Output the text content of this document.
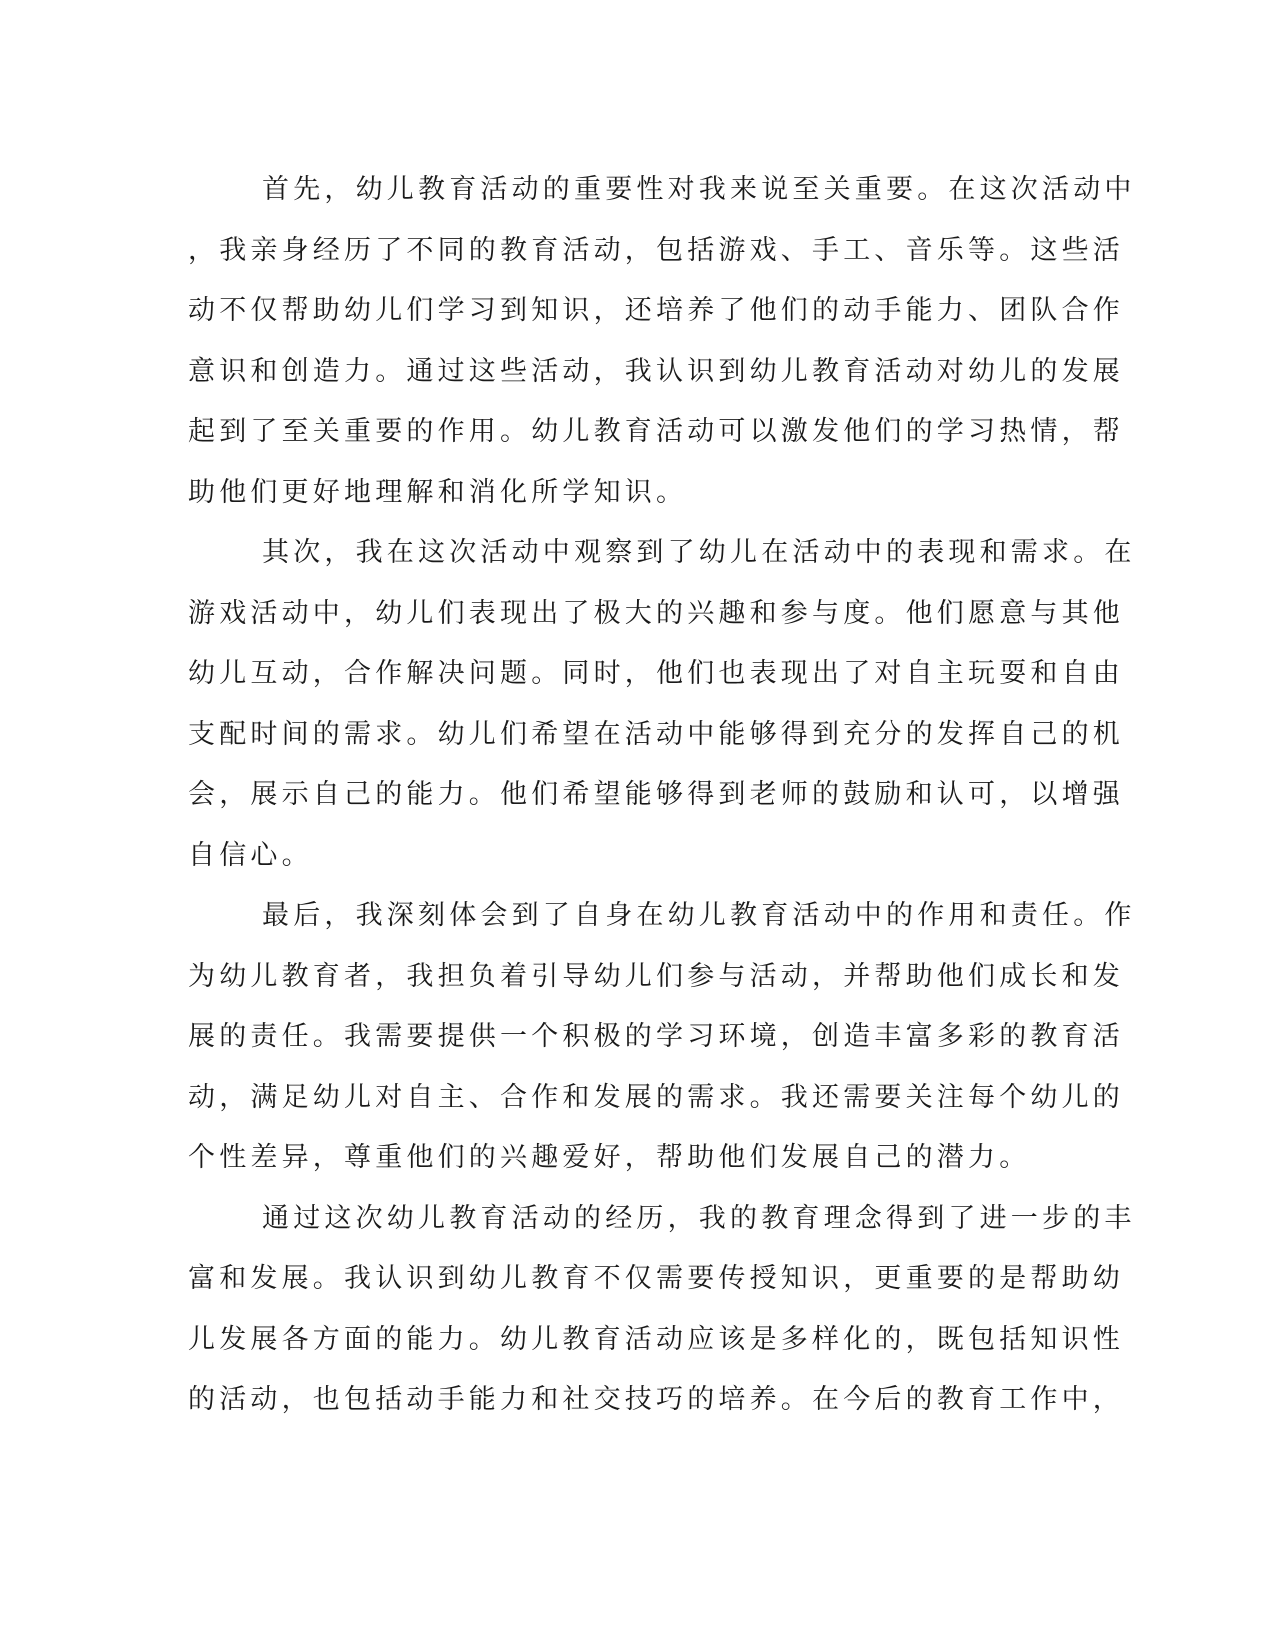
首先，幼儿教育活动的重要性对我来说至关重要。在这次活动中
，我亲身经历了不同的教育活动，包括游戏、手工、音乐等。这些活
动不仅帮助幼儿们学习到知识，还培养了他们的动手能力、团队合作
意识和创造力。通过这些活动，我认识到幼儿教育活动对幼儿的发展
起到了至关重要的作用。幼儿教育活动可以激发他们的学习热情，帮
助他们更好地理解和消化所学知识。
其次，我在这次活动中观察到了幼儿在活动中的表现和需求。在
游戏活动中，幼儿们表现出了极大的兴趣和参与度。他们愿意与其他
幼儿互动，合作解决问题。同时，他们也表现出了对自主玩耍和自由
支配时间的需求。幼儿们希望在活动中能够得到充分的发挥自己的机
会，展示自己的能力。他们希望能够得到老师的鼓励和认可，以增强
自信心。
最后，我深刻体会到了自身在幼儿教育活动中的作用和责任。作
为幼儿教育者，我担负着引导幼儿们参与活动，并帮助他们成长和发
展的责任。我需要提供一个积极的学习环境，创造丰富多彩的教育活
动，满足幼儿对自主、合作和发展的需求。我还需要关注每个幼儿的
个性差异，尊重他们的兴趣爱好，帮助他们发展自己的潜力。
通过这次幼儿教育活动的经历，我的教育理念得到了进一步的丰
富和发展。我认识到幼儿教育不仅需要传授知识，更重要的是帮助幼
儿发展各方面的能力。幼儿教育活动应该是多样化的，既包括知识性
的活动，也包括动手能力和社交技巧的培养。在今后的教育工作中，
